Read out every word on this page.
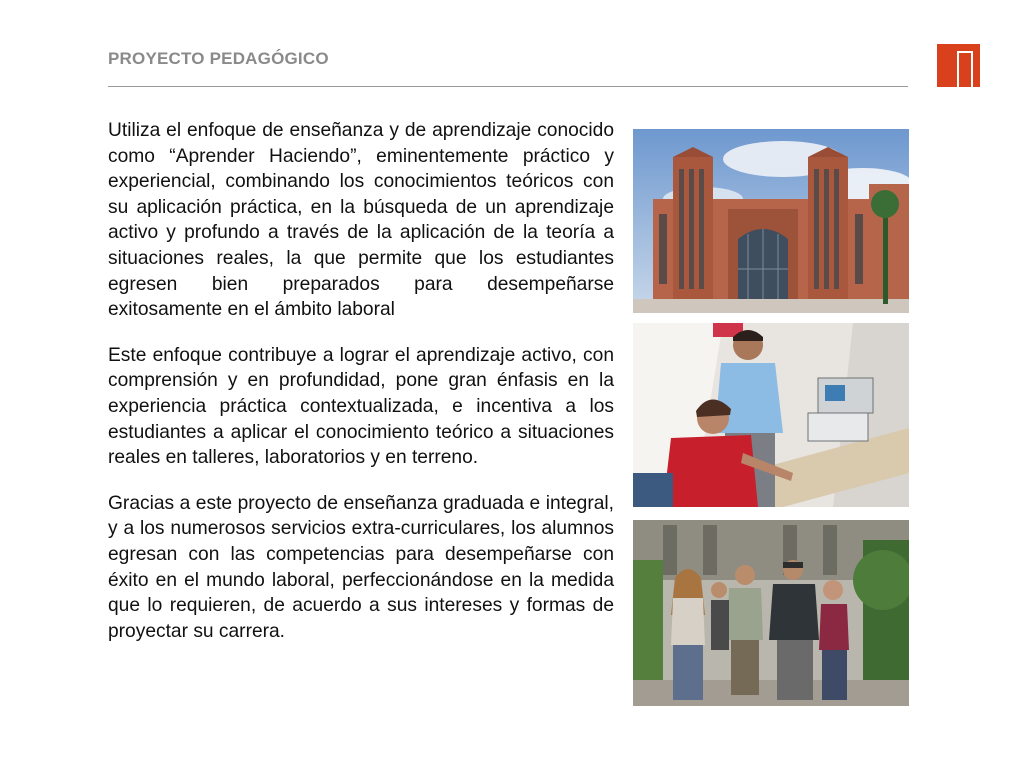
PROYECTO PEDAGÓGICO

Utiliza el enfoque de enseñanza y de aprendizaje conocido como “Aprender Haciendo”, eminentemente práctico y experiencial, combinando los conocimientos teóricos con su aplicación práctica, en la búsqueda de un aprendizaje activo y profundo a través de la aplicación de la teoría a situaciones reales, la que permite que los estudiantes egresen bien preparados para desempeñarse exitosamente en el ámbito laboral

Este enfoque contribuye a lograr el aprendizaje activo, con comprensión y en profundidad, pone gran énfasis en la experiencia práctica contextualizada, e incentiva a los estudiantes a aplicar el conocimiento teórico a situaciones reales en talleres, laboratorios y en terreno.

Gracias a este proyecto de enseñanza graduada e integral, y a los numerosos servicios extra-curriculares, los alumnos egresan con las competencias para desempeñarse con éxito en el mundo laboral, perfeccionándose en la medida que lo requieren, de acuerdo a sus intereses y formas de proyectar su carrera.
